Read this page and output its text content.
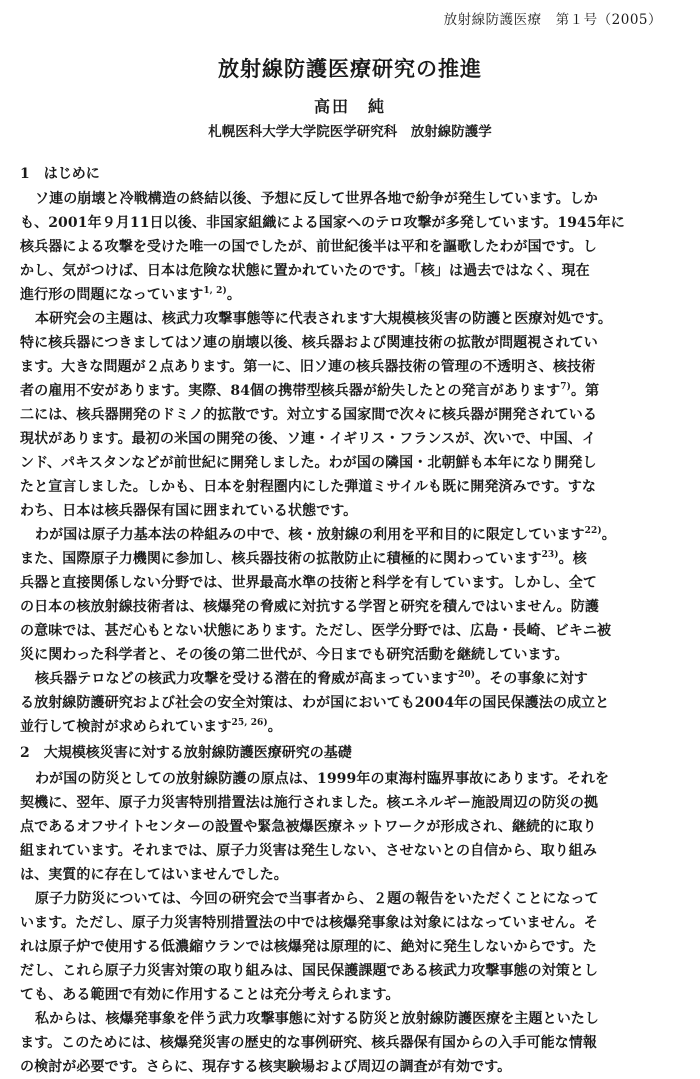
放射線防護医療　第１号（2005）
放射線防護医療研究の推進
高田　純
札幌医科大学大学院医学研究科　放射線防護学
1　はじめに
ソ連の崩壊と冷戦構造の終結以後、予想に反して世界各地で紛争が発生しています。しか
も、2001年９月11日以後、非国家組織による国家へのテロ攻撃が多発しています。1945年に
核兵器による攻撃を受けた唯一の国でしたが、前世紀後半は平和を謳歌したわが国です。し
かし、気がつけば、日本は危険な状態に置かれていたのです。「核」は過去ではなく、現在
進行形の問題になっています$^{1, 2)}$。
本研究会の主題は、核武力攻撃事態等に代表されます大規模核災害の防護と医療対処です。
特に核兵器につきましてはソ連の崩壊以後、核兵器および関連技術の拡散が問題視されてい
ます。大きな問題が２点あります。第一に、旧ソ連の核兵器技術の管理の不透明さ、核技術
者の雇用不安があります。実際、84個の携帯型核兵器が紛失したとの発言があります$^{7)}$。第
二には、核兵器開発のドミノ的拡散です。対立する国家間で次々に核兵器が開発されている
現状があります。最初の米国の開発の後、ソ連・イギリス・フランスが、次いで、中国、イ
ンド、パキスタンなどが前世紀に開発しました。わが国の隣国・北朝鮮も本年になり開発し
たと宣言しました。しかも、日本を射程圏内にした弾道ミサイルも既に開発済みです。すな
わち、日本は核兵器保有国に囲まれている状態です。
わが国は原子力基本法の枠組みの中で、核・放射線の利用を平和目的に限定しています$^{22)}$。
また、国際原子力機関に参加し、核兵器技術の拡散防止に積極的に関わっています$^{23)}$。核
兵器と直接関係しない分野では、世界最高水準の技術と科学を有しています。しかし、全て
の日本の核放射線技術者は、核爆発の脅威に対抗する学習と研究を積んではいません。防護
の意味では、甚だ心もとない状態にあります。ただし、医学分野では、広島・長崎、ビキニ被
災に関わった科学者と、その後の第二世代が、今日までも研究活動を継続しています。
核兵器テロなどの核武力攻撃を受ける潜在的脅威が高まっています$^{20)}$。その事象に対す
る放射線防護研究および社会の安全対策は、わが国においても2004年の国民保護法の成立と
並行して検討が求められています$^{25, 26)}$。
2　大規模核災害に対する放射線防護医療研究の基礎
わが国の防災としての放射線防護の原点は、1999年の東海村臨界事故にあります。それを
契機に、翌年、原子力災害特別措置法は施行されました。核エネルギー施設周辺の防災の拠
点であるオフサイトセンターの設置や緊急被爆医療ネットワークが形成され、継続的に取り
組まれています。それまでは、原子力災害は発生しない、させないとの自信から、取り組み
は、実質的に存在してはいませんでした。
原子力防災については、今回の研究会で当事者から、２題の報告をいただくことになって
います。ただし、原子力災害特別措置法の中では核爆発事象は対象にはなっていません。そ
れは原子炉で使用する低濃縮ウランでは核爆発は原理的に、絶対に発生しないからです。た
だし、これら原子力災害対策の取り組みは、国民保護課題である核武力攻撃事態の対策とし
ても、ある範囲で有効に作用することは充分考えられます。
私からは、核爆発事象を伴う武力攻撃事態に対する防災と放射線防護医療を主題といたし
ます。このためには、核爆発災害の歴史的な事例研究、核兵器保有国からの入手可能な情報
の検討が必要です。さらに、現存する核実験場および周辺の調査が有効です。
